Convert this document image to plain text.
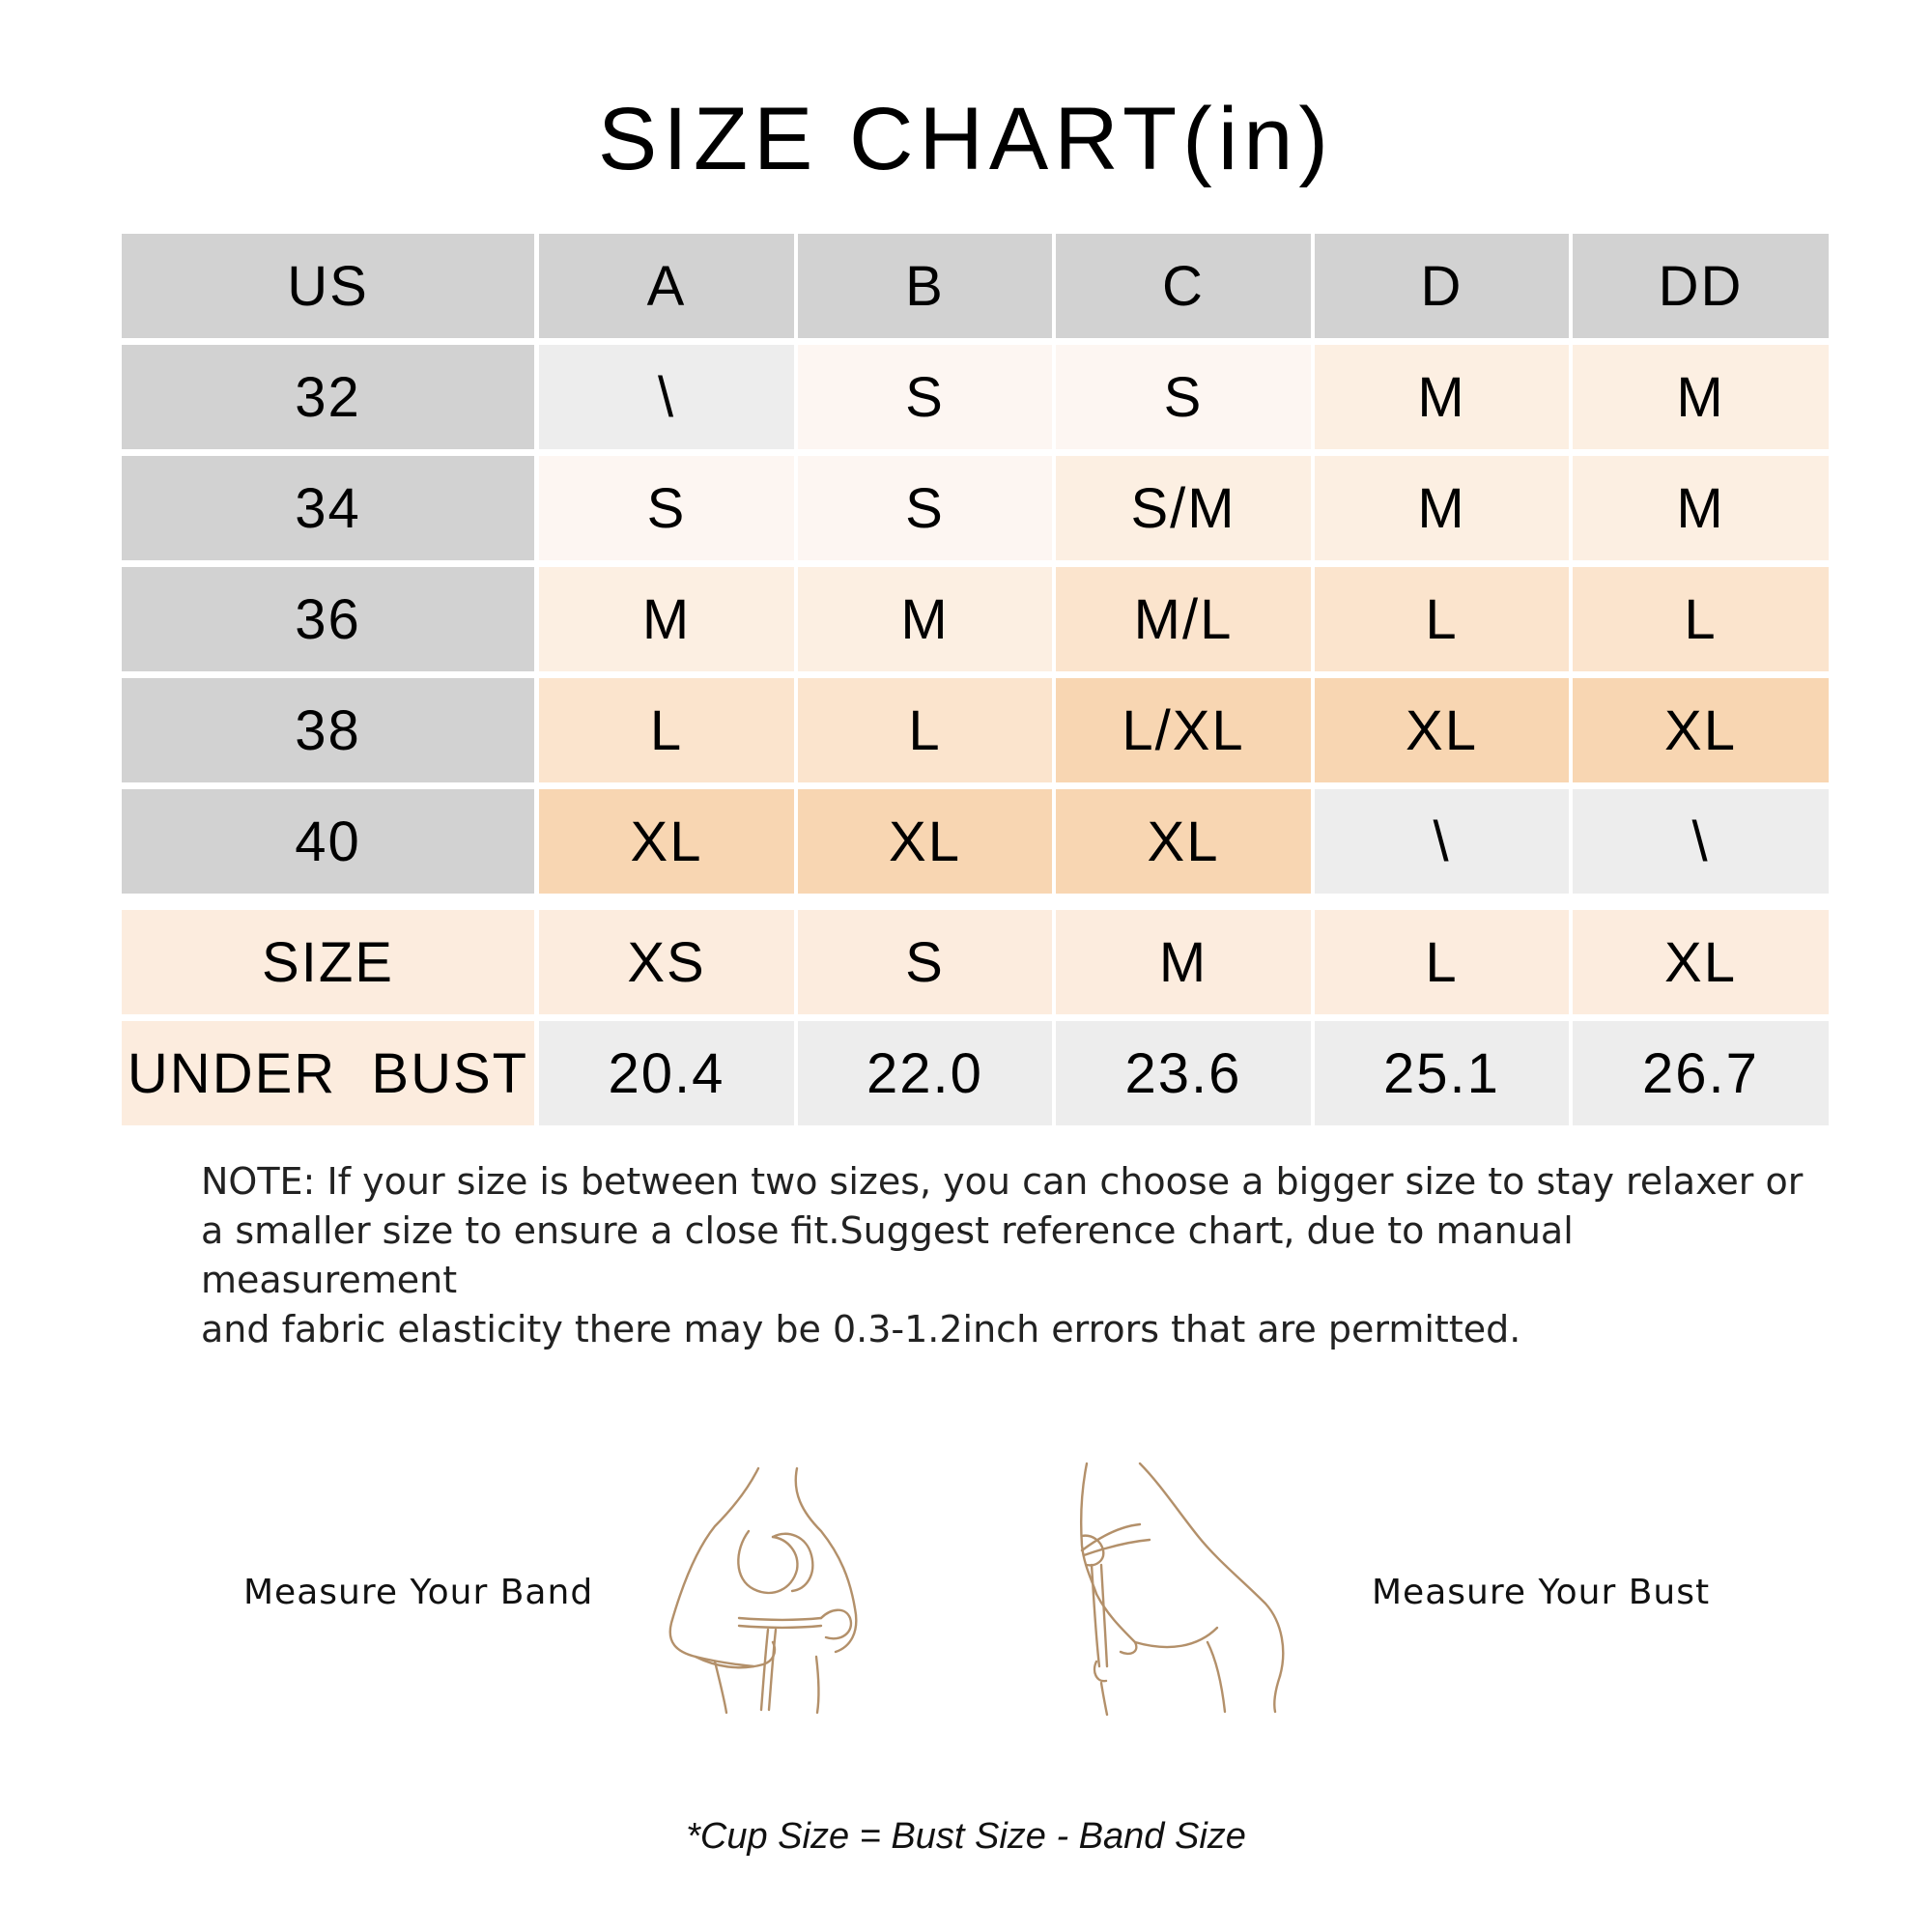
SIZE CHART(in)
US	A	B	C	D	DD
32	\	S	S	M	M
34	S	S	S/M	M	M
36	M	M	M/L	L	L
38	L	L	L/XL	XL	XL
40	XL	XL	XL	\	\
SIZE	XS	S	M	L	XL
UNDER  BUST	20.4	22.0	23.6	25.1	26.7
NOTE: If your size is between two sizes, you can choose a bigger size to stay relaxer or
a smaller size to ensure a close fit.Suggest reference chart, due to manual measurement
and fabric elasticity there may be 0.3-1.2inch errors that are permitted.
Measure Your Band	Measure Your Bust
*Cup Size = Bust Size - Band Size
